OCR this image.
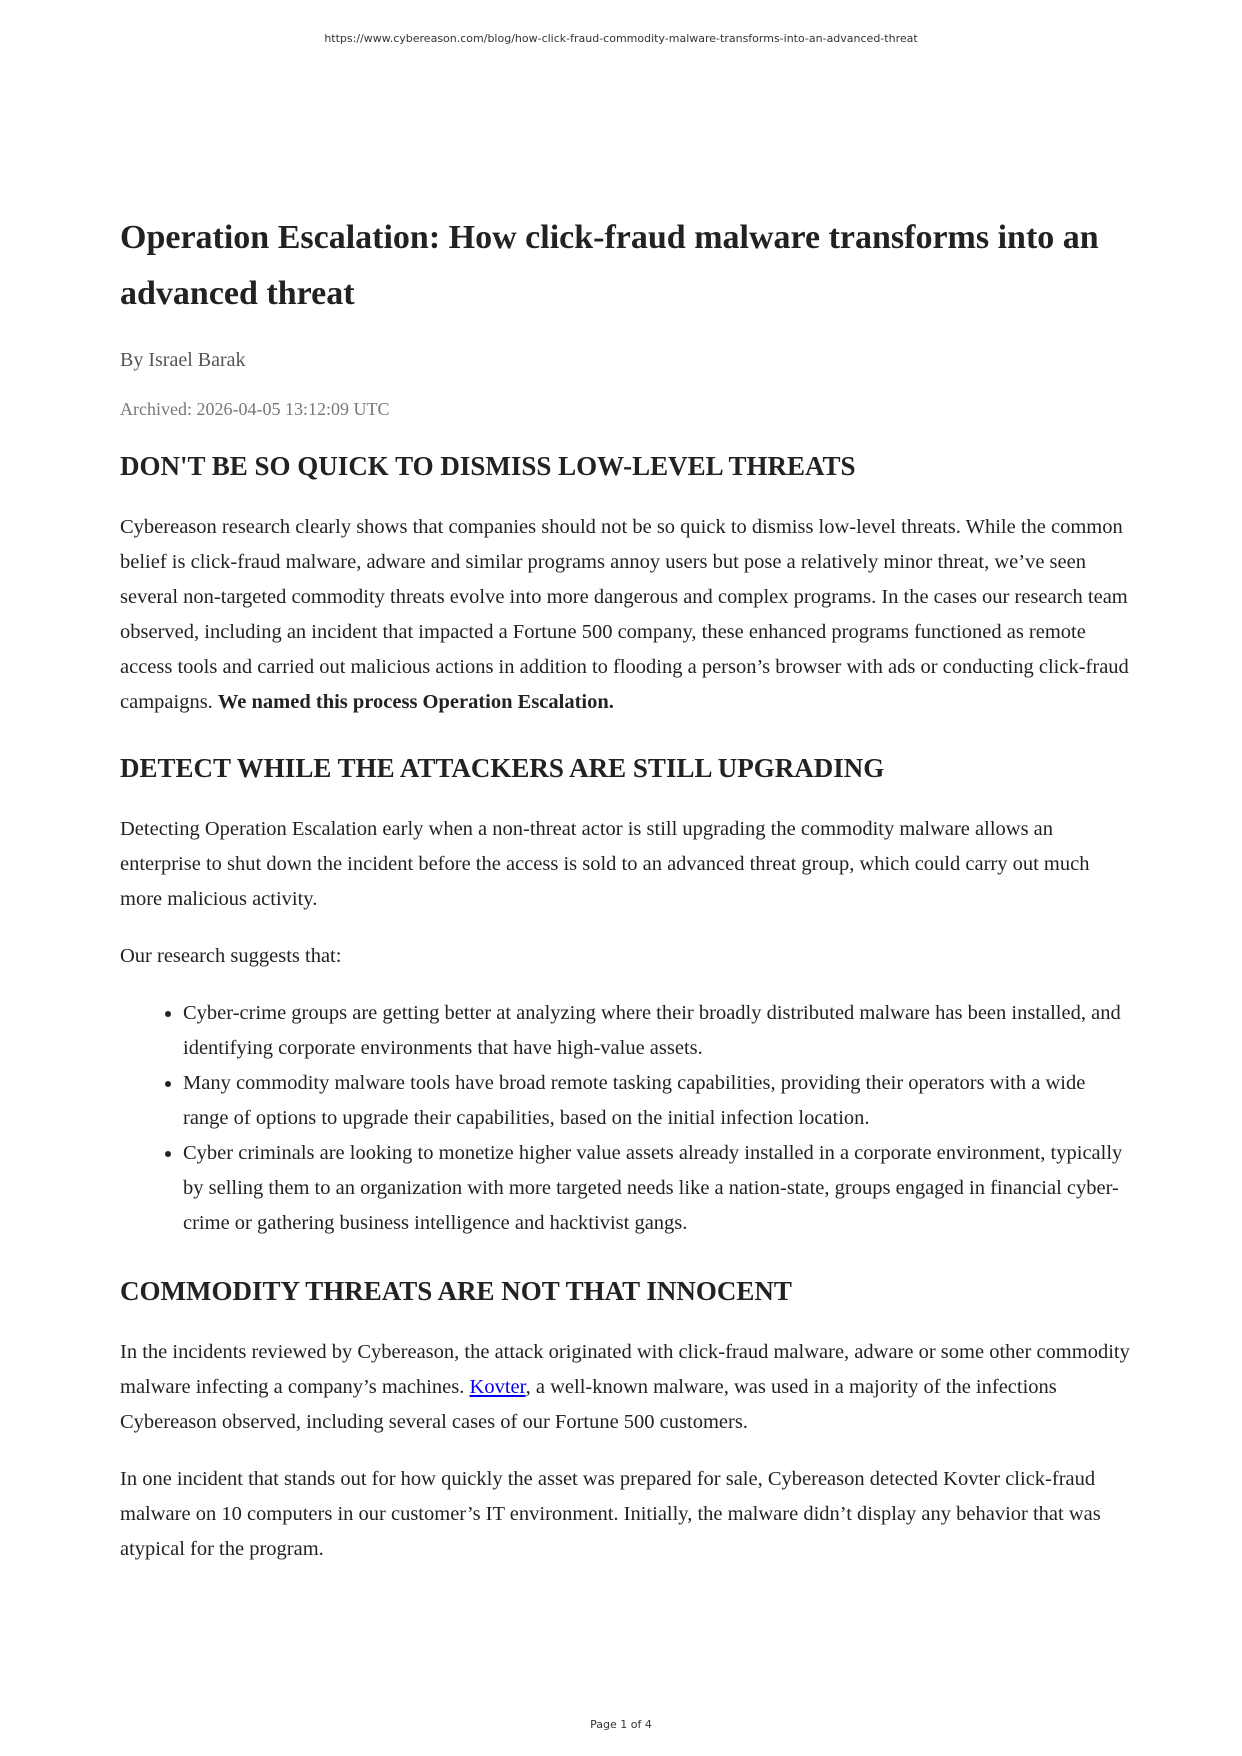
https://www.cybereason.com/blog/how-click-fraud-commodity-malware-transforms-into-an-advanced-threat
Operation Escalation: How click-fraud malware transforms into an advanced threat
By Israel Barak
Archived: 2026-04-05 13:12:09 UTC
DON'T BE SO QUICK TO DISMISS LOW-LEVEL THREATS

Cybereason research clearly shows that companies should not be so quick to dismiss low-level threats. While the common belief is click-fraud malware, adware and similar programs annoy users but pose a relatively minor threat, we’ve seen several non-targeted commodity threats evolve into more dangerous and complex programs. In the cases our research team observed, including an incident that impacted a Fortune 500 company, these enhanced programs functioned as remote access tools and carried out malicious actions in addition to flooding a person’s browser with ads or conducting click-fraud campaigns. We named this process Operation Escalation.

DETECT WHILE THE ATTACKERS ARE STILL UPGRADING

Detecting Operation Escalation early when a non-threat actor is still upgrading the commodity malware allows an enterprise to shut down the incident before the access is sold to an advanced threat group, which could carry out much more malicious activity.

Our research suggests that:

• Cyber-crime groups are getting better at analyzing where their broadly distributed malware has been installed, and identifying corporate environments that have high-value assets.
• Many commodity malware tools have broad remote tasking capabilities, providing their operators with a wide range of options to upgrade their capabilities, based on the initial infection location.
• Cyber criminals are looking to monetize higher value assets already installed in a corporate environment, typically by selling them to an organization with more targeted needs like a nation-state, groups engaged in financial cyber-crime or gathering business intelligence and hacktivist gangs.
COMMODITY THREATS ARE NOT THAT INNOCENT

In the incidents reviewed by Cybereason, the attack originated with click-fraud malware, adware or some other commodity malware infecting a company’s machines. Kovter, a well-known malware, was used in a majority of the infections Cybereason observed, including several cases of our Fortune 500 customers.

In one incident that stands out for how quickly the asset was prepared for sale, Cybereason detected Kovter click-fraud malware on 10 computers in our customer’s IT environment. Initially, the malware didn’t display any behavior that was atypical for the program.

Page 1 of 4
